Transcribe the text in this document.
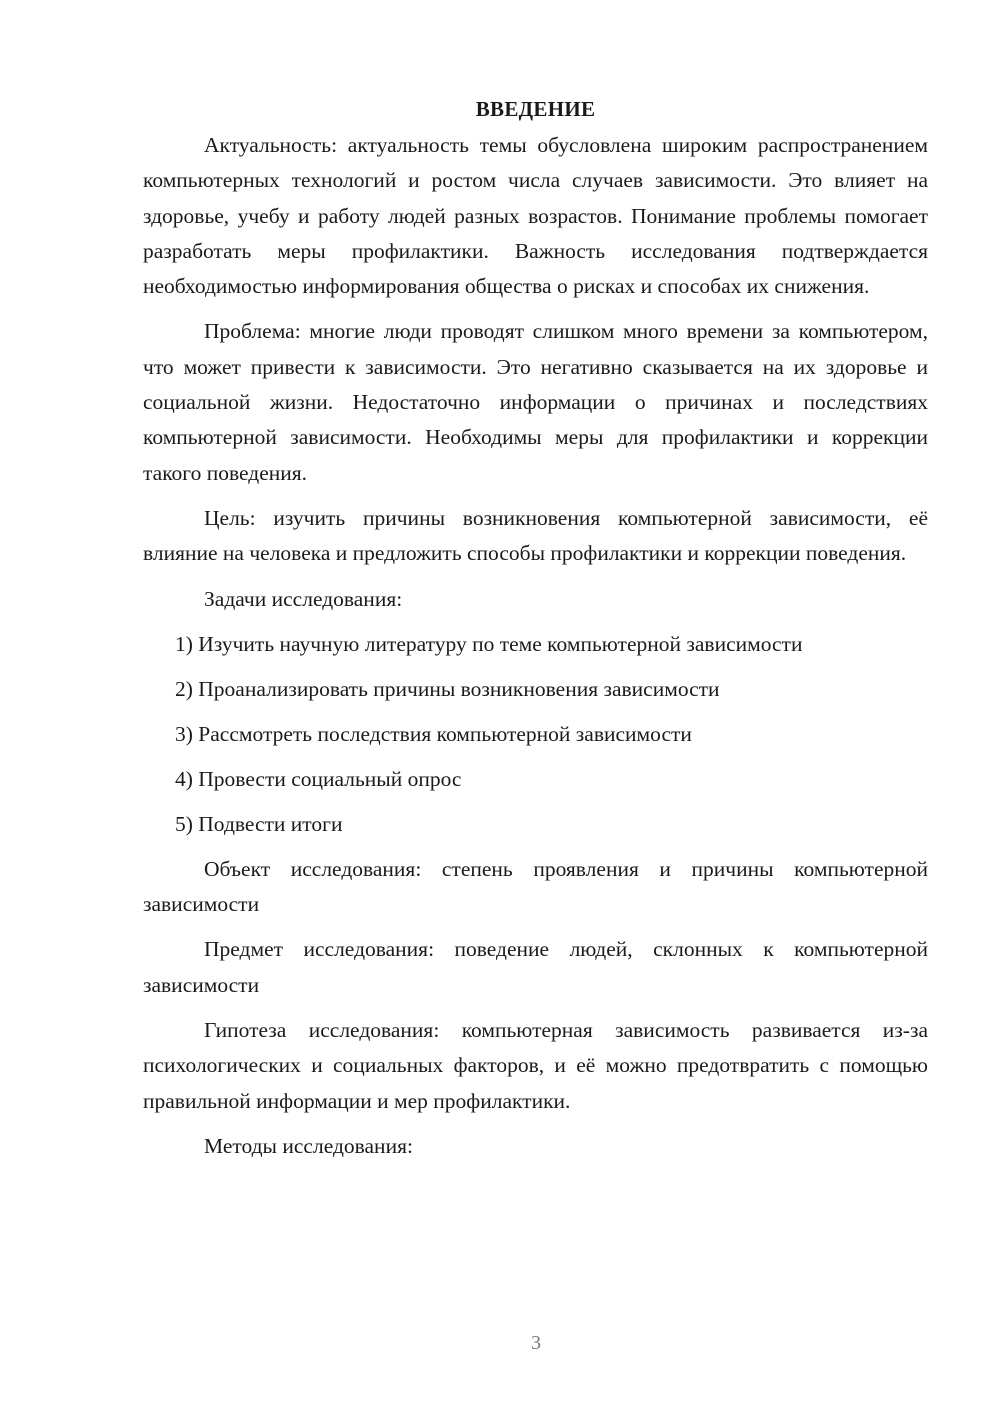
ВВЕДЕНИЕ

Актуальность: актуальность темы обусловлена широким распространением компьютерных технологий и ростом числа случаев зависимости. Это влияет на здоровье, учебу и работу людей разных возрастов. Понимание проблемы помогает разработать меры профилактики. Важность исследования подтверждается необходимостью информирования общества о рисках и способах их снижения.

Проблема: многие люди проводят слишком много времени за компьютером, что может привести к зависимости. Это негативно сказывается на их здоровье и социальной жизни. Недостаточно информации о причинах и последствиях компьютерной зависимости. Необходимы меры для профилактики и коррекции такого поведения.

Цель: изучить причины возникновения компьютерной зависимости, её влияние на человека и предложить способы профилактики и коррекции поведения.

Задачи исследования:

1) Изучить научную литературу по теме компьютерной зависимости
2) Проанализировать причины возникновения зависимости
3) Рассмотреть последствия компьютерной зависимости
4) Провести социальный опрос
5) Подвести итоги

Объект исследования: степень проявления и причины компьютерной зависимости

Предмет исследования: поведение людей, склонных к компьютерной зависимости

Гипотеза исследования: компьютерная зависимость развивается из-за психологических и социальных факторов, и её можно предотвратить с помощью правильной информации и мер профилактики.

Методы исследования:

3
